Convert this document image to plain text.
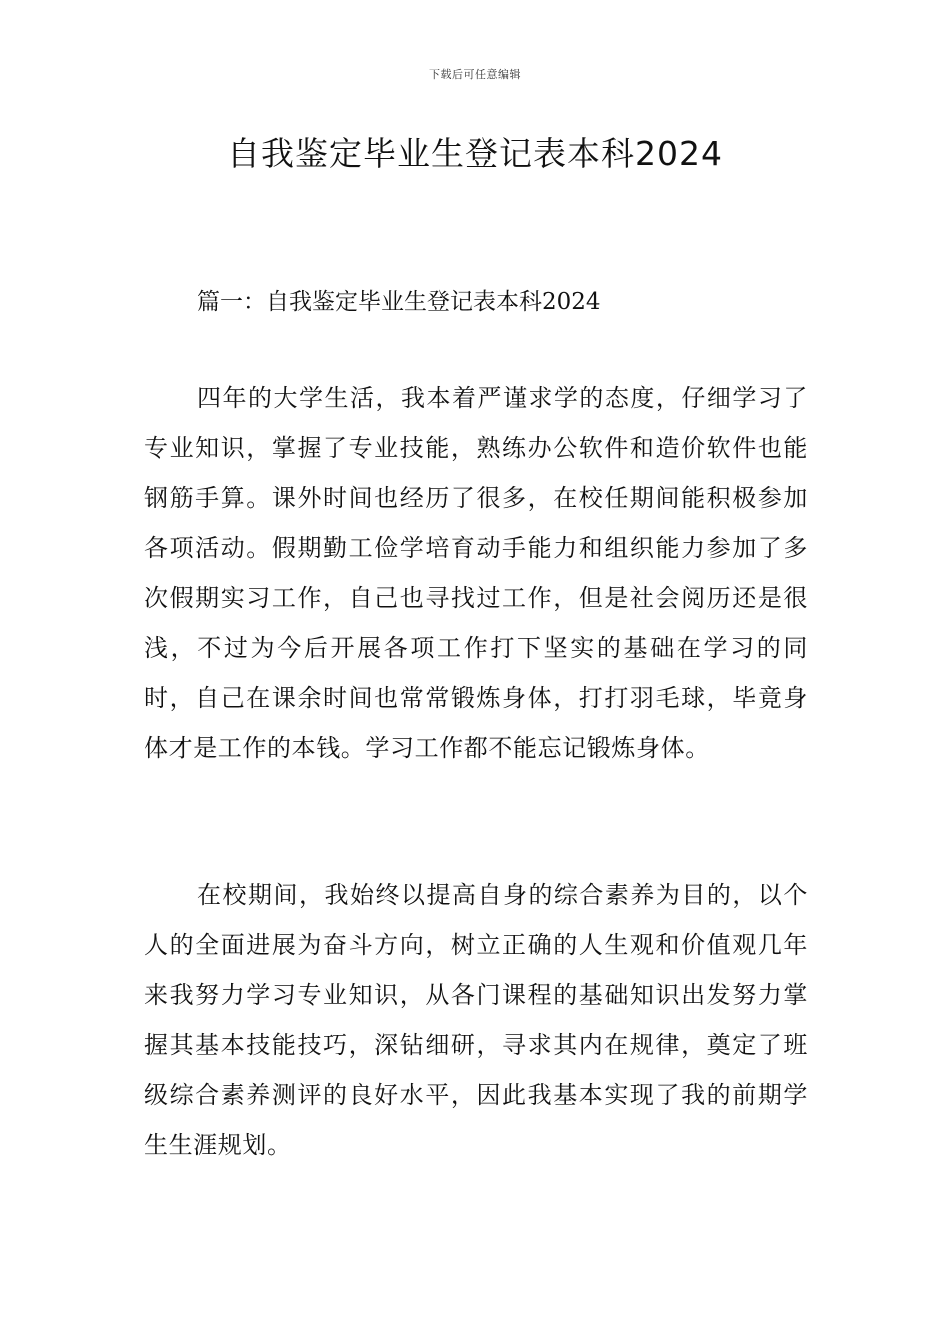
下载后可任意编辑
自我鉴定毕业生登记表本科2024
篇一：自我鉴定毕业生登记表本科2024

四年的大学生活，我本着严谨求学的态度，仔细学习了专业知识，掌握了专业技能，熟练办公软件和造价软件也能钢筋手算。课外时间也经历了很多，在校任期间能积极参加各项活动。假期勤工俭学培育动手能力和组织能力参加了多次假期实习工作，自己也寻找过工作，但是社会阅历还是很浅，不过为今后开展各项工作打下坚实的基础在学习的同时，自己在课余时间也常常锻炼身体，打打羽毛球，毕竟身体才是工作的本钱。学习工作都不能忘记锻炼身体。

在校期间，我始终以提高自身的综合素养为目的，以个人的全面进展为奋斗方向，树立正确的人生观和价值观几年来我努力学习专业知识，从各门课程的基础知识出发努力掌握其基本技能技巧，深钻细研，寻求其内在规律，奠定了班级综合素养测评的良好水平，因此我基本实现了我的前期学生生涯规划。
